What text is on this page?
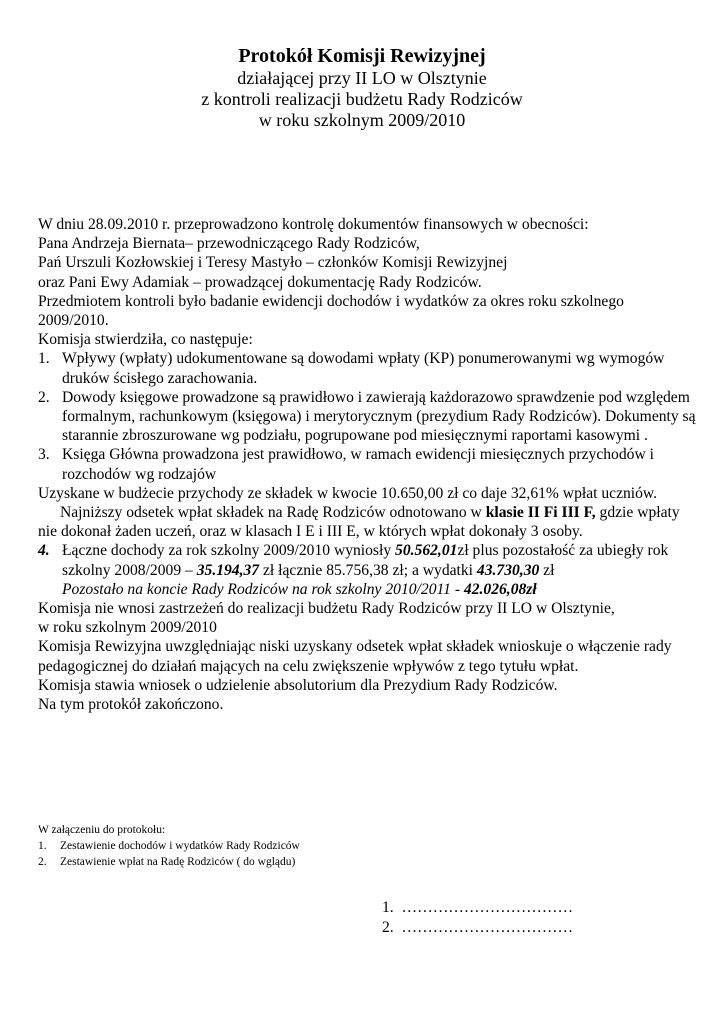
Protokół Komisji Rewizyjnej
działającej przy II LO w Olsztynie
z kontroli realizacji budżetu Rady Rodziców
w roku szkolnym 2009/2010

W dniu 28.09.2010 r. przeprowadzono kontrolę dokumentów finansowych w obecności:

Pana Andrzeja Biernata– przewodniczącego Rady Rodziców,

Pań Urszuli Kozłowskiej i Teresy Mastyło – członków Komisji Rewizyjnej

oraz Pani Ewy Adamiak – prowadzącej dokumentację Rady Rodziców.

Przedmiotem kontroli było badanie ewidencji dochodów i wydatków za okres roku szkolnego 2009/2010.

Komisja stwierdziła, co następuje:

1. Wpływy (wpłaty) udokumentowane są dowodami wpłaty (KP) ponumerowanymi wg wymogów druków ścisłego zarachowania.
2. Dowody księgowe prowadzone są prawidłowo i zawierają każdorazowo sprawdzenie pod względem formalnym, rachunkowym (księgowa) i merytorycznym (prezydium Rady Rodziców). Dokumenty są starannie zbroszurowane wg podziału, pogrupowane pod miesięcznymi raportami kasowymi .
3. Księga Główna prowadzona jest prawidłowo, w ramach ewidencji miesięcznych przychodów i rozchodów wg rodzajów

Uzyskane w budżecie przychody ze składek w kwocie 10.650,00 zł co daje 32,61% wpłat uczniów.

Najniższy odsetek wpłat składek na Radę Rodziców odnotowano w klasie II Fi III F, gdzie wpłaty nie dokonał żaden uczeń, oraz w klasach I E i III E, w których wpłat dokonały 3 osoby.

4. Łączne dochody za rok szkolny 2009/2010 wyniosły 50.562,01zł plus pozostałość za ubiegły rok szkolny 2008/2009 – 35.194,37 zł łącznie 85.756,38 zł; a wydatki 43.730,30 zł
Pozostało na koncie Rady Rodziców na rok szkolny 2010/2011 - 42.026,08zł

Komisja nie wnosi zastrzeżeń do realizacji budżetu Rady Rodziców przy II LO w Olsztynie,

w roku szkolnym 2009/2010

Komisja Rewizyjna uwzględniając niski uzyskany odsetek wpłat składek wnioskuje o włączenie rady pedagogicznej do działań mających na celu zwiększenie wpływów z tego tytułu wpłat.

Komisja stawia wniosek o udzielenie absolutorium dla Prezydium Rady Rodziców.

Na tym protokół zakończono.

W załączeniu do protokołu:
1. Zestawienie dochodów i wydatków Rady Rodziców
2. Zestawienie wpłat na Radę Rodziców ( do wglądu)
1. ……………………………
2. ……………………………
